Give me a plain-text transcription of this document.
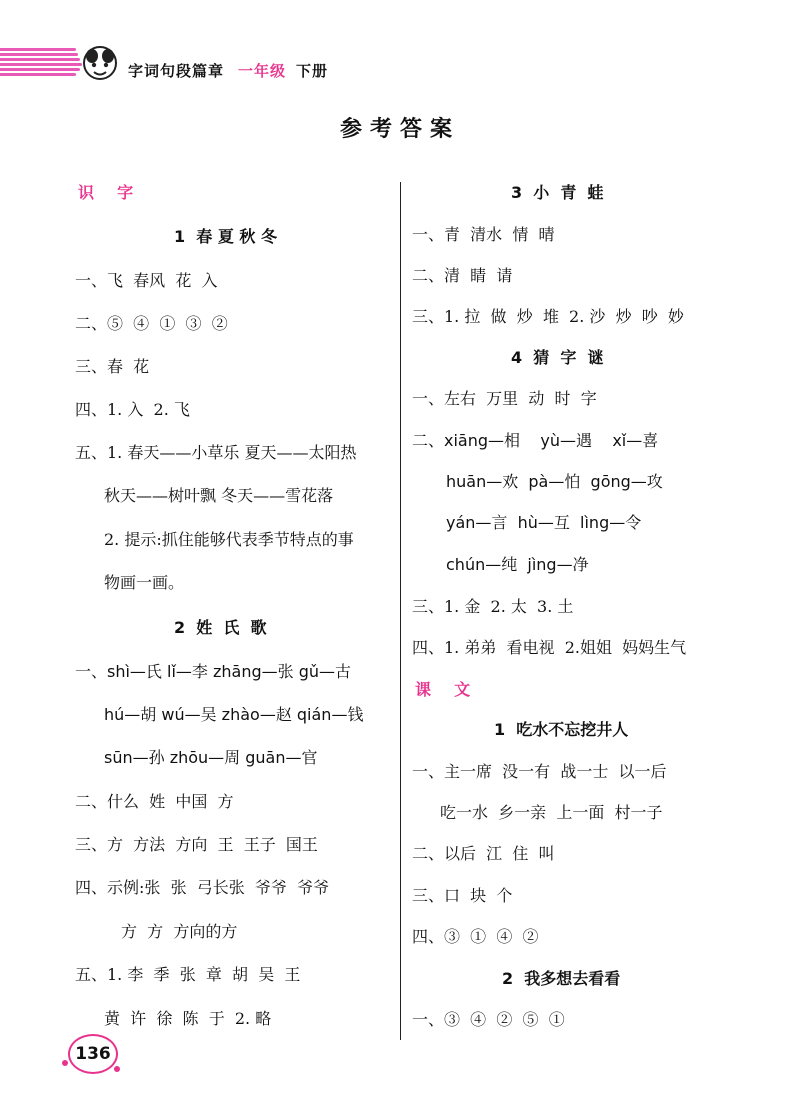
字词句段篇章 一年级 下册
参考答案
识  字
1  春 夏 秋 冬
一、飞  春风  花  入
二、⑤  ④  ①  ③  ②
三、春  花
四、1. 入  2. 飞
五、1. 春天——小草乐 夏天——太阳热
秋天——树叶飘 冬天——雪花落
2. 提示:抓住能够代表季节特点的事
物画一画。
2  姓  氏  歌
一、shì—氏 lǐ—李 zhāng—张 gǔ—古
hú—胡 wú—吴 zhào—赵 qián—钱
sūn—孙 zhōu—周 guān—官
二、什么  姓  中国  方
三、方  方法  方向  王  王子  国王
四、示例:张  张  弓长张  爷爷  爷爷
方  方  方向的方
五、1. 李  季  张  章  胡  吴  王
黄  许  徐  陈  于  2. 略
3  小  青  蛙
一、青  清水  情  晴
二、清  睛  请
三、1. 拉  做  炒  堆  2. 沙  炒  吵  妙
4  猜  字  谜
一、左右  万里  动  时  字
二、xiāng—相    yù—遇    xǐ—喜
huān—欢  pà—怕  gōng—攻
yán—言  hù—互  lìng—令
chún—纯  jìng—净
三、1. 金  2. 太  3. 土
四、1. 弟弟  看电视  2.姐姐  妈妈生气
课  文
1  吃水不忘挖井人
一、主一席  没一有  战一士  以一后
吃一水  乡一亲  上一面  村一子
二、以后  江  住  叫
三、口  块  个
四、③  ①  ④  ②
2  我多想去看看
一、③  ④  ②  ⑤  ①
136
